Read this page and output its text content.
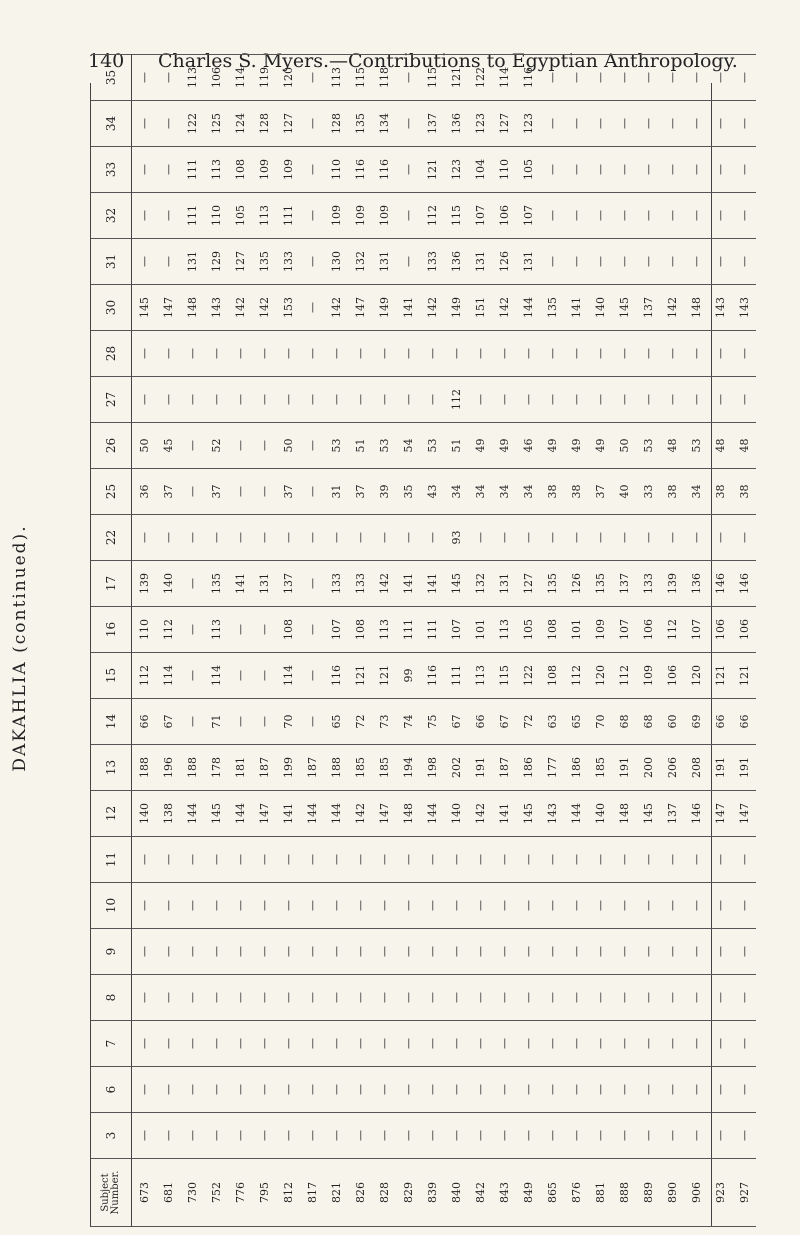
140 Charles S. Myers.—Contributions to Egyptian Anthropology.
DAKAHLIA (continued).
Subject Number.	3	6	7	8	9	10	11	12	13	14	15	16	17	22	25	26	27	28	30	31	32	33	34	35
673	—	—	—	—	—	—	—	140	188	66	112	110	139	—	36	50	—	—	145	—	—	—	—	—
681	—	—	—	—	—	—	—	138	196	67	114	112	140	—	37	45	—	—	147	—	—	—	—	—
730	—	—	—	—	—	—	—	144	188	—	—	—	—	—	—	—	—	—	148	131	111	111	122	113
752	—	—	—	—	—	—	—	145	178	71	114	113	135	—	37	52	—	—	143	129	110	113	125	106
776	—	—	—	—	—	—	—	144	181	—	—	—	141	—	—	—	—	—	142	127	105	108	124	114
795	—	—	—	—	—	—	—	147	187	—	—	—	131	—	—	—	—	—	142	135	113	109	128	119
812	—	—	—	—	—	—	—	141	199	70	114	108	137	—	37	50	—	—	153	133	111	109	127	120
817	—	—	—	—	—	—	—	144	187	—	—	—	—	—	—	—	—	—	—	—	—	—	—	—
821	—	—	—	—	—	—	—	144	188	65	116	107	133	—	31	53	—	—	142	130	109	110	128	113
826	—	—	—	—	—	—	—	142	185	72	121	108	133	—	37	51	—	—	147	132	109	116	135	115
828	—	—	—	—	—	—	—	147	185	73	121	113	142	—	39	53	—	—	149	131	109	116	134	118
829	—	—	—	—	—	—	—	148	194	74	99	111	141	—	35	54	—	—	141	—	—	—	—	—
839	—	—	—	—	—	—	—	144	198	75	116	111	141	—	43	53	—	—	142	133	112	121	137	115
840	—	—	—	—	—	—	—	140	202	67	111	107	145	93	34	51	112	—	149	136	115	123	136	121
842	—	—	—	—	—	—	—	142	191	66	113	101	132	—	34	49	—	—	151	131	107	104	123	122
843	—	—	—	—	—	—	—	141	187	67	115	113	131	—	34	49	—	—	142	126	106	110	127	114
849	—	—	—	—	—	—	—	145	186	72	122	105	127	—	34	46	—	—	144	131	107	105	123	116
865	—	—	—	—	—	—	—	143	177	63	108	108	135	—	38	49	—	—	135	—	—	—	—	—
876	—	—	—	—	—	—	—	144	186	65	112	101	126	—	38	49	—	—	141	—	—	—	—	—
881	—	—	—	—	—	—	—	140	185	70	120	109	135	—	37	49	—	—	140	—	—	—	—	—
888	—	—	—	—	—	—	—	148	191	68	112	107	137	—	40	50	—	—	145	—	—	—	—	—
889	—	—	—	—	—	—	—	145	200	68	109	106	133	—	33	53	—	—	137	—	—	—	—	—
890	—	—	—	—	—	—	—	137	206	60	106	112	139	—	38	48	—	—	142	—	—	—	—	—
906	—	—	—	—	—	—	—	146	208	69	120	107	136	—	34	53	—	—	148	—	—	—	—	—
923	—	—	—	—	—	—	—	147	191	66	121	106	146	—	38	48	—	—	143	—	—	—	—	—
927	—	—	—	—	—	—	—	147	191	66	121	106	146	—	38	48	—	—	143	—	—	—	—	—
